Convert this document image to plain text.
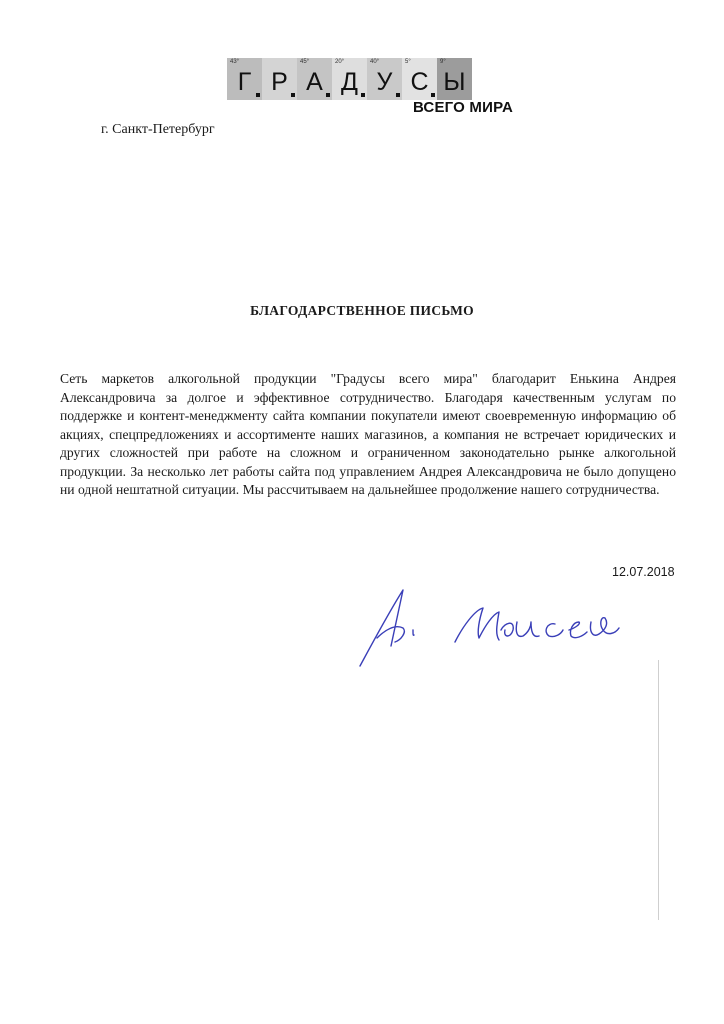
43°
Г Р
45°
А
20°
Д
40°
У
5°
С
9°
Ы
ВСЕГО МИРА
г. Санкт-Петербург
БЛАГОДАРСТВЕННОЕ ПИСЬМО

Сеть маркетов алкогольной продукции "Градусы всего мира" благодарит Енькина Андрея Александровича за долгое и эффективное сотрудничество. Благодаря качественным услугам по поддержке и контент-менеджменту сайта компании покупатели имеют своевременную информацию об акциях, спецпредложениях и ассортименте наших магазинов, а компания не встречает юридических и других сложностей при работе на сложном и ограниченном законодательно рынке алкогольной продукции. За несколько лет работы сайта под управлением Андрея Александровича не было допущено ни одной нештатной ситуации. Мы рассчитываем на дальнейшее продолжение нашего сотрудничества.

12.07.2018
